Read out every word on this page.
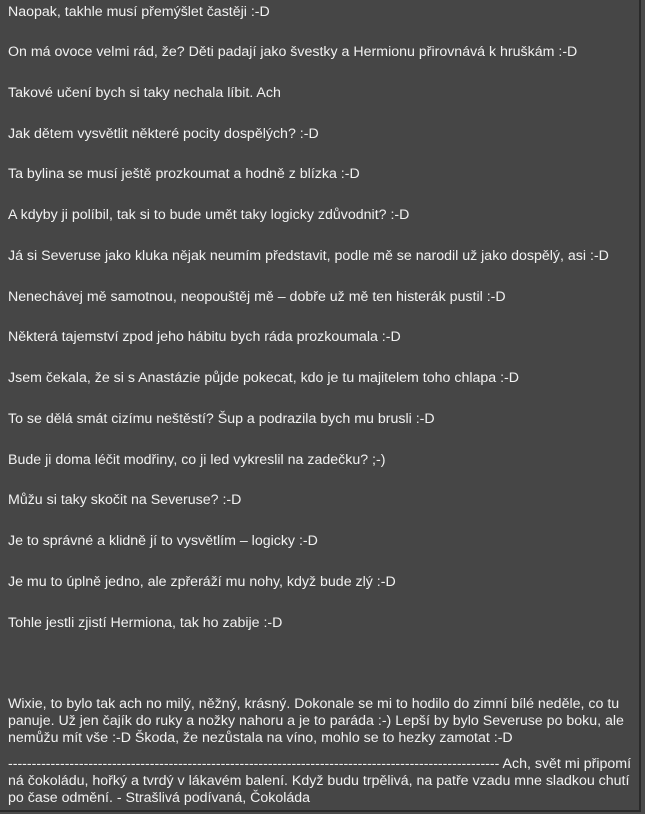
Naopak, takhle musí přemýšlet častěji :-D
On má ovoce velmi rád, že? Děti padají jako švestky a Hermionu přirovnává k hruškám :-D
Takové učení bych si taky nechala líbit. Ach
Jak dětem vysvětlit některé pocity dospělých? :-D
Ta bylina se musí ještě prozkoumat a hodně z blízka :-D
A kdyby ji políbil, tak si to bude umět taky logicky zdůvodnit? :-D
Já si Severuse jako kluka nějak neumím představit, podle mě se narodil už jako dospělý, asi :-D
Nenechávej mě samotnou, neopouštěj mě – dobře už mě ten histerák pustil :-D
Některá tajemství zpod jeho hábitu bych ráda prozkoumala :-D
Jsem čekala, že si s Anastázie půjde pokecat, kdo je tu majitelem toho chlapa :-D
To se dělá smát cizímu neštěstí? Šup a podrazila bych mu brusli :-D
Bude ji doma léčit modřiny, co ji led vykreslil na zadečku? ;-)
Můžu si taky skočit na Severuse? :-D
Je to správné a klidně jí to vysvětlím – logicky :-D
Je mu to úplně jedno, ale zpřeráží mu nohy, když bude zlý :-D
Tohle jestli zjistí Hermiona, tak ho zabije :-D
Wixie, to bylo tak ach no milý, něžný, krásný. Dokonale se mi to hodilo do zimní bílé neděle, co tu panuje. Už jen čajík do ruky a nožky nahoru a je to paráda :-) Lepší by bylo Severuse po boku, ale nemůžu mít vše :-D Škoda, že nezůstala na víno, mohlo se to hezky zamotat :-D
-------------------------------------------------------------------------------------------------------- Ach, svět mi připomíná čokoládu, hořký a tvrdý v lákavém balení. Když budu trpělivá, na patře vzadu mne sladkou chutí po čase odmění. - Strašlivá podívaná, Čokoláda
